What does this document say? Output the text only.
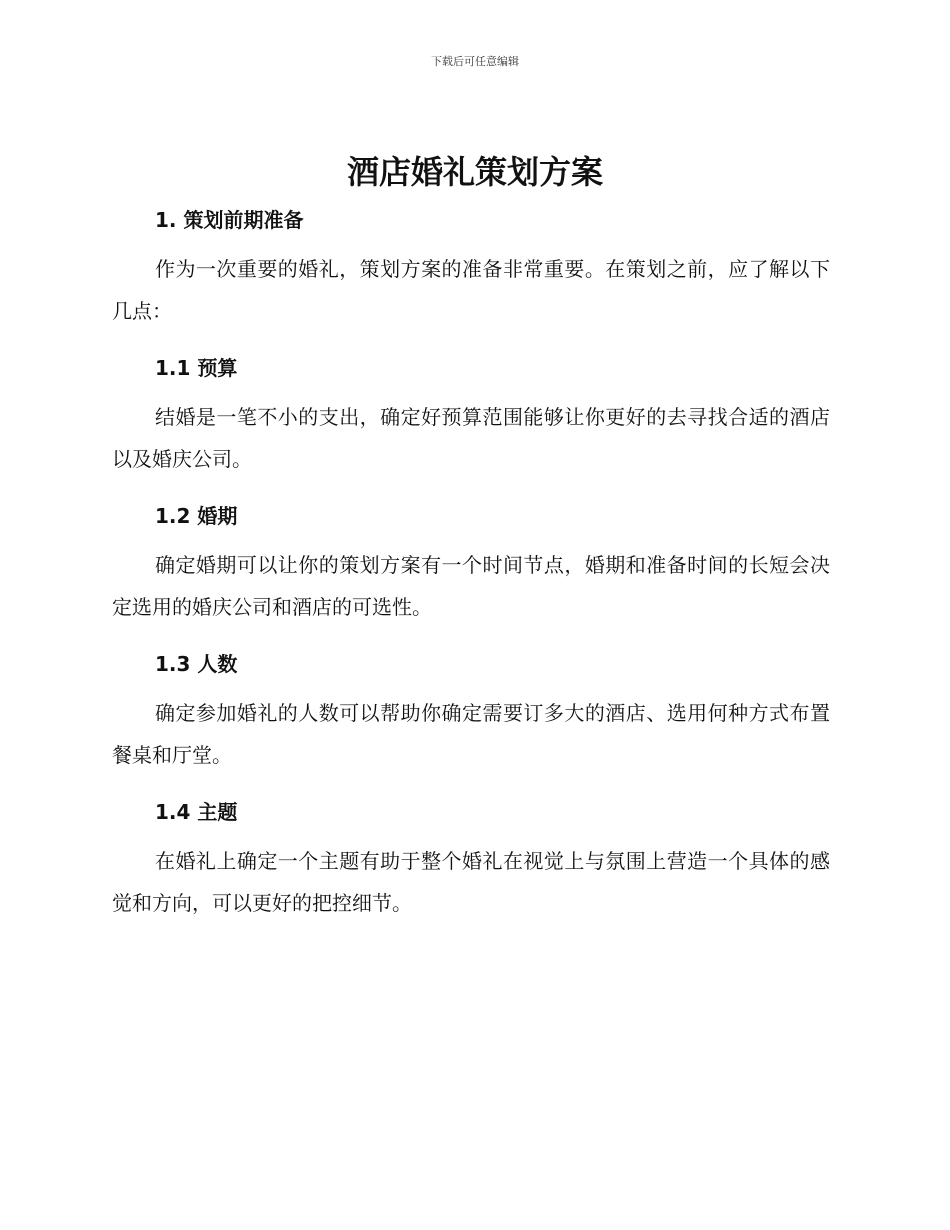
下载后可任意编辑
酒店婚礼策划方案
1. 策划前期准备

作为一次重要的婚礼，策划方案的准备非常重要。在策划之前，应了解以下几点：

1.1 预算

结婚是一笔不小的支出，确定好预算范围能够让你更好的去寻找合适的酒店以及婚庆公司。

1.2 婚期

确定婚期可以让你的策划方案有一个时间节点，婚期和准备时间的长短会决定选用的婚庆公司和酒店的可选性。

1.3 人数

确定参加婚礼的人数可以帮助你确定需要订多大的酒店、选用何种方式布置餐桌和厅堂。

1.4 主题

在婚礼上确定一个主题有助于整个婚礼在视觉上与氛围上营造一个具体的感觉和方向，可以更好的把控细节。
